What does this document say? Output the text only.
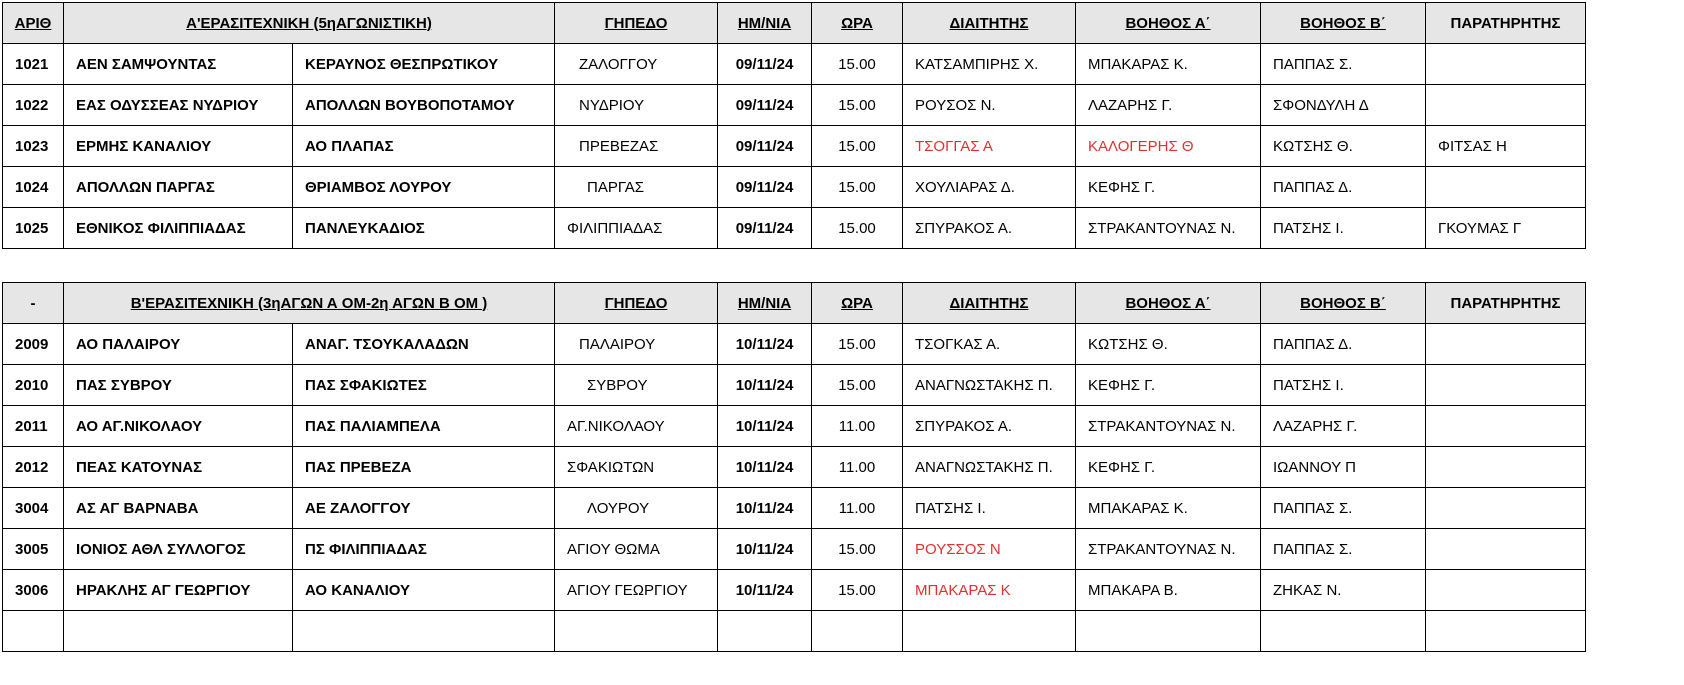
ΑΡΙΘ	Α'ΕΡΑΣΙΤΕΧΝΙΚΗ (5ηΑΓΩΝΙΣΤΙΚΗ)		ΓΗΠΕΔΟ	ΗΜ/ΝΙΑ	ΩΡΑ	ΔΙΑΙΤΗΤΗΣ	ΒΟΗΘΟΣ Α΄	ΒΟΗΘΟΣ Β΄	ΠΑΡΑΤΗΡΗΤΗΣ
1021	ΑΕΝ ΣΑΜΨΟΥΝΤΑΣ	ΚΕΡΑΥΝΟΣ ΘΕΣΠΡΩΤΙΚΟΥ	ΖΑΛΟΓΓΟΥ	09/11/24	15.00	ΚΑΤΣΑΜΠΙΡΗΣ Χ.	ΜΠΑΚΑΡΑΣ Κ.	ΠΑΠΠΑΣ Σ.	
1022	ΕΑΣ ΟΔΥΣΣΕΑΣ ΝΥΔΡΙΟΥ	ΑΠΟΛΛΩΝ ΒΟΥΒΟΠΟΤΑΜΟΥ	ΝΥΔΡΙΟΥ	09/11/24	15.00	ΡΟΥΣΟΣ Ν.	ΛΑΖΑΡΗΣ Γ.	ΣΦΟΝΔΥΛΗ Δ	
1023	ΕΡΜΗΣ ΚΑΝΑΛΙΟΥ	ΑΟ ΠΛΑΠΑΣ	ΠΡΕΒΕΖΑΣ	09/11/24	15.00	ΤΣΟΓΓΑΣ Α	ΚΑΛΟΓΕΡΗΣ Θ	ΚΩΤΣΗΣ Θ.	ΦΙΤΣΑΣ Η
1024	ΑΠΟΛΛΩΝ ΠΑΡΓΑΣ	ΘΡΙΑΜΒΟΣ ΛΟΥΡΟΥ	ΠΑΡΓΑΣ	09/11/24	15.00	ΧΟΥΛΙΑΡΑΣ Δ.	ΚΕΦΗΣ Γ.	ΠΑΠΠΑΣ Δ.	
1025	ΕΘΝΙΚΟΣ ΦΙΛΙΠΠΙΑΔΑΣ	ΠΑΝΛΕΥΚΑΔΙΟΣ	ΦΙΛΙΠΠΙΑΔΑΣ	09/11/24	15.00	ΣΠΥΡΑΚΟΣ Α.	ΣΤΡΑΚΑΝΤΟΥΝΑΣ Ν.	ΠΑΤΣΗΣ Ι.	ΓΚΟΥΜΑΣ Γ
-	Β'ΕΡΑΣΙΤΕΧΝΙΚΗ (3ηΑΓΩΝ Α ΟΜ-2η ΑΓΩΝ Β ΟΜ )		ΓΗΠΕΔΟ	ΗΜ/ΝΙΑ	ΩΡΑ	ΔΙΑΙΤΗΤΗΣ	ΒΟΗΘΟΣ Α΄	ΒΟΗΘΟΣ Β΄	ΠΑΡΑΤΗΡΗΤΗΣ
2009	ΑΟ ΠΑΛΑΙΡΟΥ	ΑΝΑΓ. ΤΣΟΥΚΑΛΑΔΩΝ	ΠΑΛΑΙΡΟΥ	10/11/24	15.00	ΤΣΟΓΚΑΣ Α.	ΚΩΤΣΗΣ Θ.	ΠΑΠΠΑΣ Δ.	
2010	ΠΑΣ ΣΥΒΡΟΥ	ΠΑΣ ΣΦΑΚΙΩΤΕΣ	ΣΥΒΡΟΥ	10/11/24	15.00	ΑΝΑΓΝΩΣΤΑΚΗΣ Π.	ΚΕΦΗΣ Γ.	ΠΑΤΣΗΣ Ι.	
2011	ΑΟ ΑΓ.ΝΙΚΟΛΑΟΥ	ΠΑΣ ΠΑΛΙΑΜΠΕΛΑ	ΑΓ.ΝΙΚΟΛΑΟΥ	10/11/24	11.00	ΣΠΥΡΑΚΟΣ Α.	ΣΤΡΑΚΑΝΤΟΥΝΑΣ Ν.	ΛΑΖΑΡΗΣ Γ.	
2012	ΠΕΑΣ ΚΑΤΟΥΝΑΣ	ΠΑΣ ΠΡΕΒΕΖΑ	ΣΦΑΚΙΩΤΩΝ	10/11/24	11.00	ΑΝΑΓΝΩΣΤΑΚΗΣ Π.	ΚΕΦΗΣ Γ.	ΙΩΑΝΝΟΥ Π	
3004	ΑΣ ΑΓ ΒΑΡΝΑΒΑ	ΑΕ ΖΑΛΟΓΓΟΥ	ΛΟΥΡΟΥ	10/11/24	11.00	ΠΑΤΣΗΣ Ι.	ΜΠΑΚΑΡΑΣ Κ.	ΠΑΠΠΑΣ Σ.	
3005	ΙΟΝΙΟΣ ΑΘΛ ΣΥΛΛΟΓΟΣ	ΠΣ ΦΙΛΙΠΠΙΑΔΑΣ	ΑΓΙΟΥ ΘΩΜΑ	10/11/24	15.00	ΡΟΥΣΣΟΣ Ν	ΣΤΡΑΚΑΝΤΟΥΝΑΣ Ν.	ΠΑΠΠΑΣ Σ.	
3006	ΗΡΑΚΛΗΣ ΑΓ ΓΕΩΡΓΙΟΥ	ΑΟ ΚΑΝΑΛΙΟΥ	ΑΓΙΟΥ ΓΕΩΡΓΙΟΥ	10/11/24	15.00	ΜΠΑΚΑΡΑΣ Κ	ΜΠΑΚΑΡΑ Β.	ΖΗΚΑΣ Ν.	
